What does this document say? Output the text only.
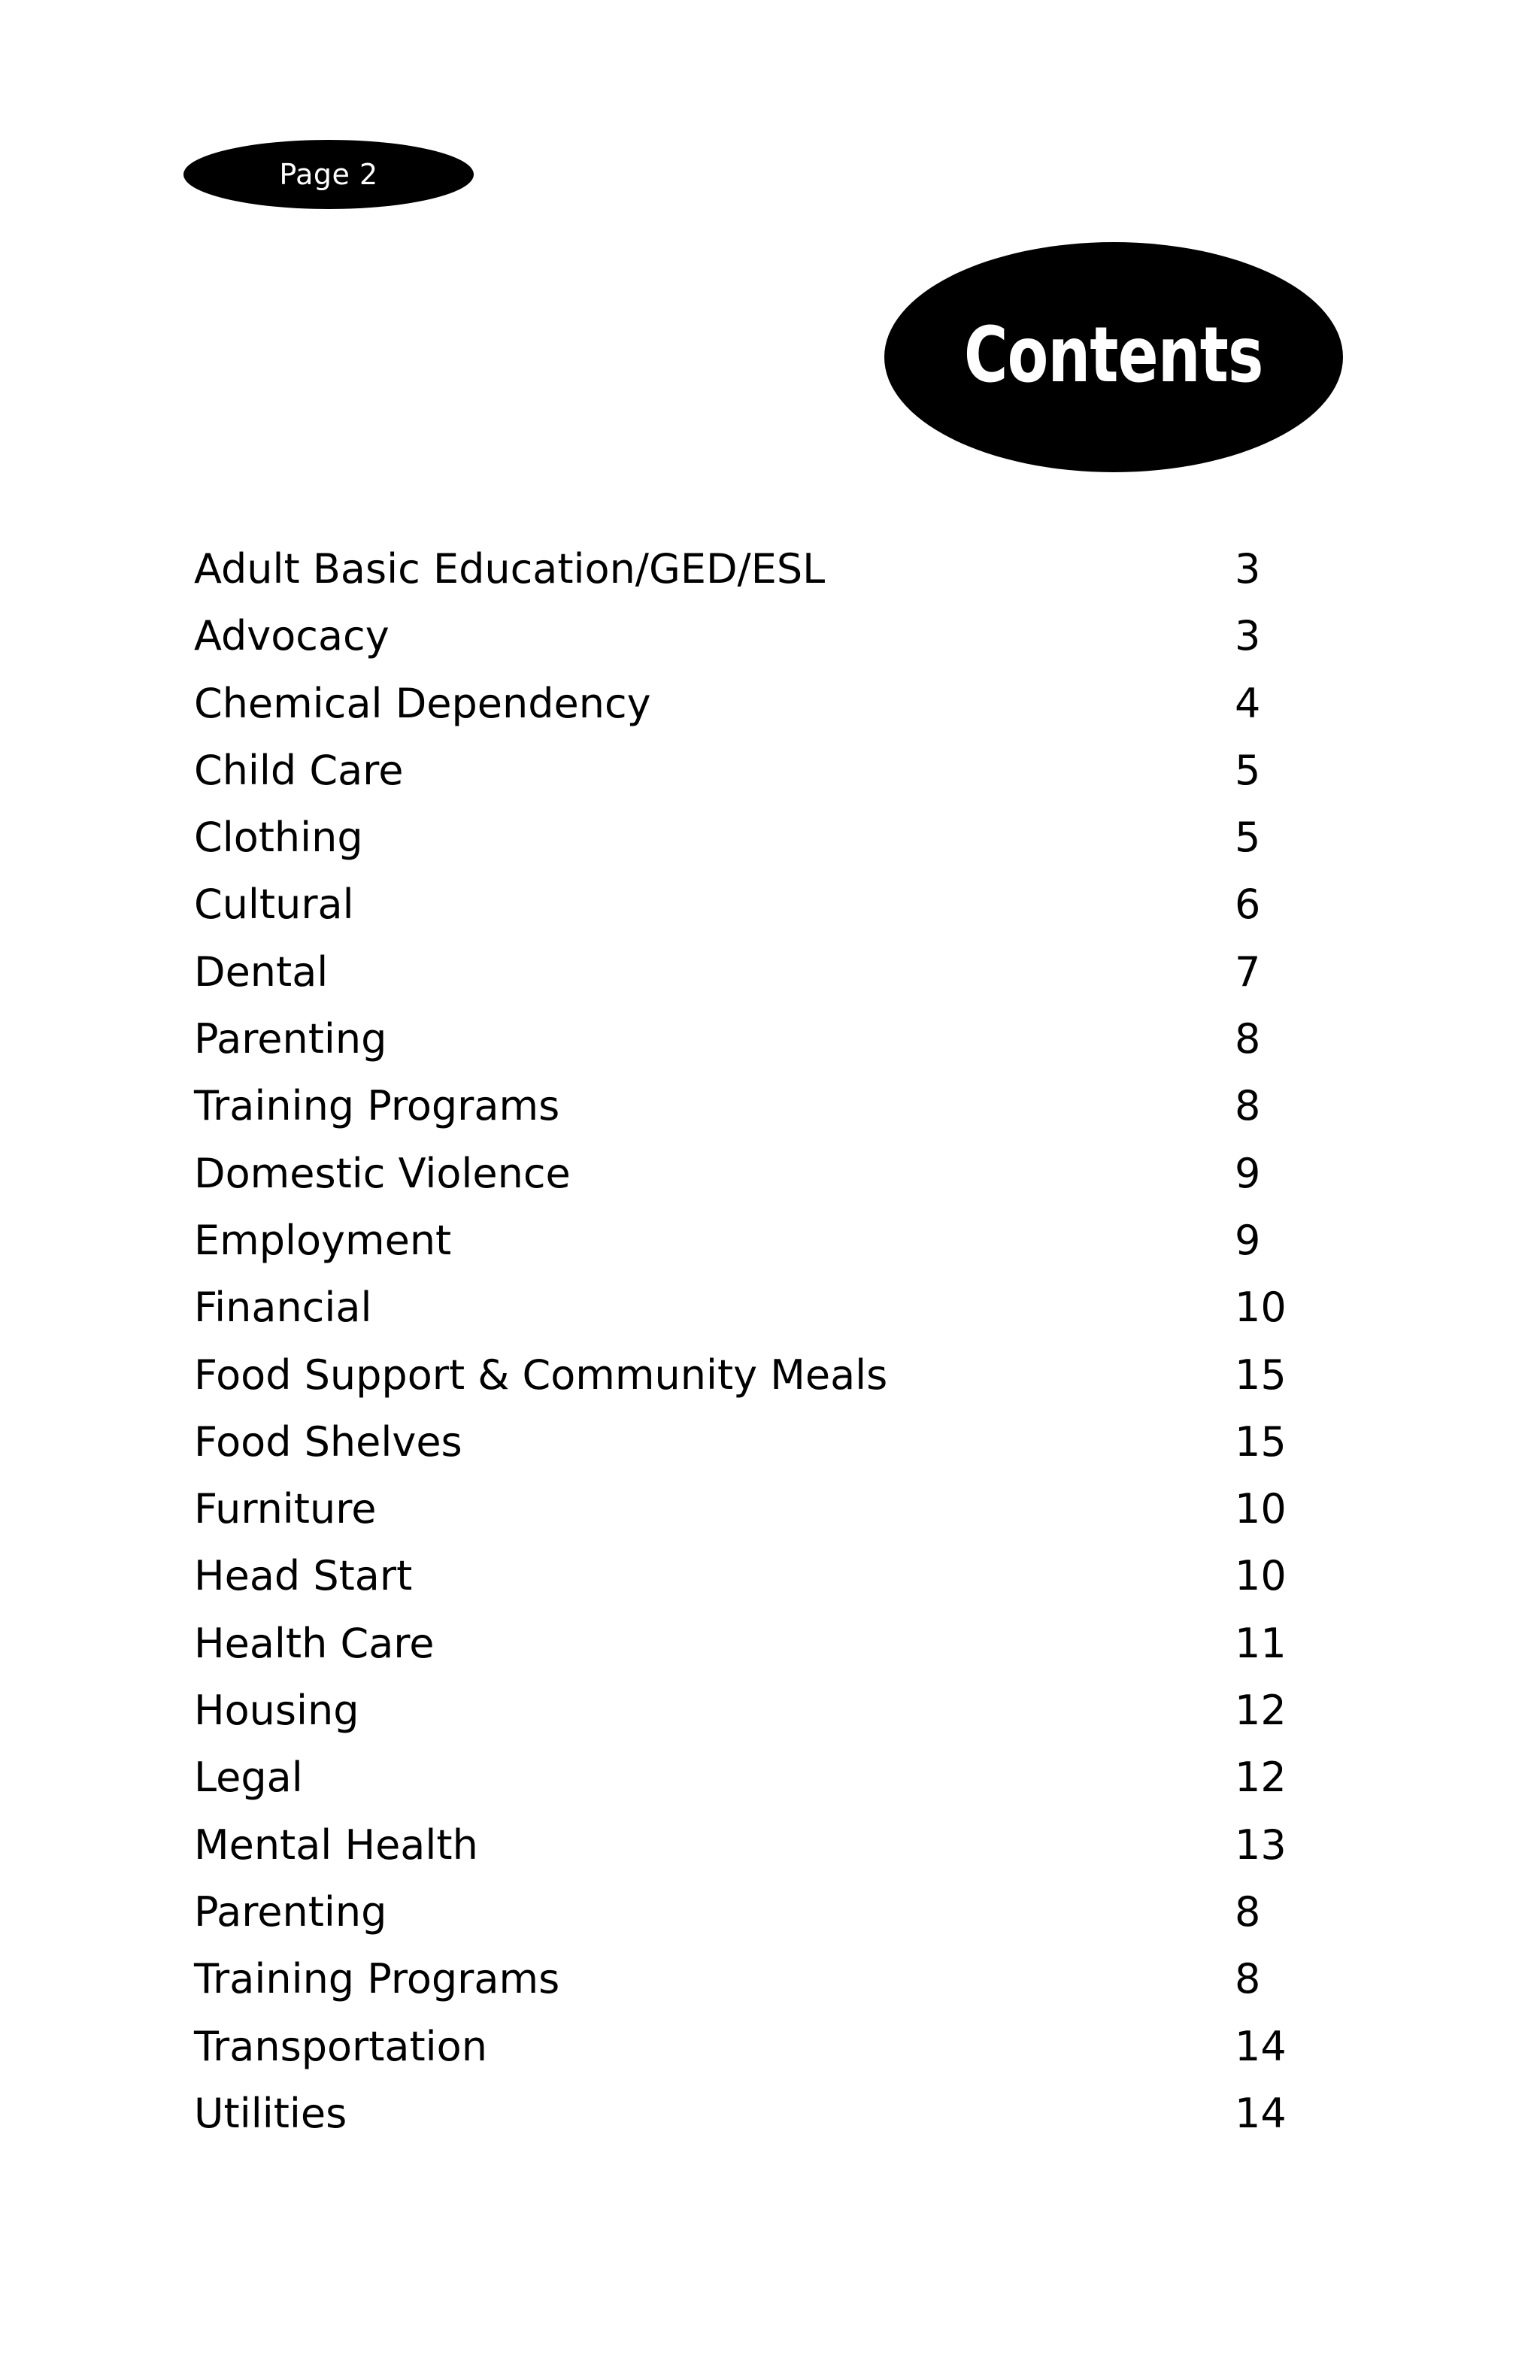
Page 2
Contents
Adult Basic Education/GED/ESL	3
Advocacy	3
Chemical Dependency	4
Child Care	5
Clothing	5
Cultural	6
Dental	7
Parenting	8
Training Programs	8
Domestic Violence	9
Employment	9
Financial	10
Food Support & Community Meals	15
Food Shelves	15
Furniture	10
Head Start	10
Health Care	11
Housing	12
Legal	12
Mental Health	13
Parenting	8
Training Programs	8
Transportation	14
Utilities	14
